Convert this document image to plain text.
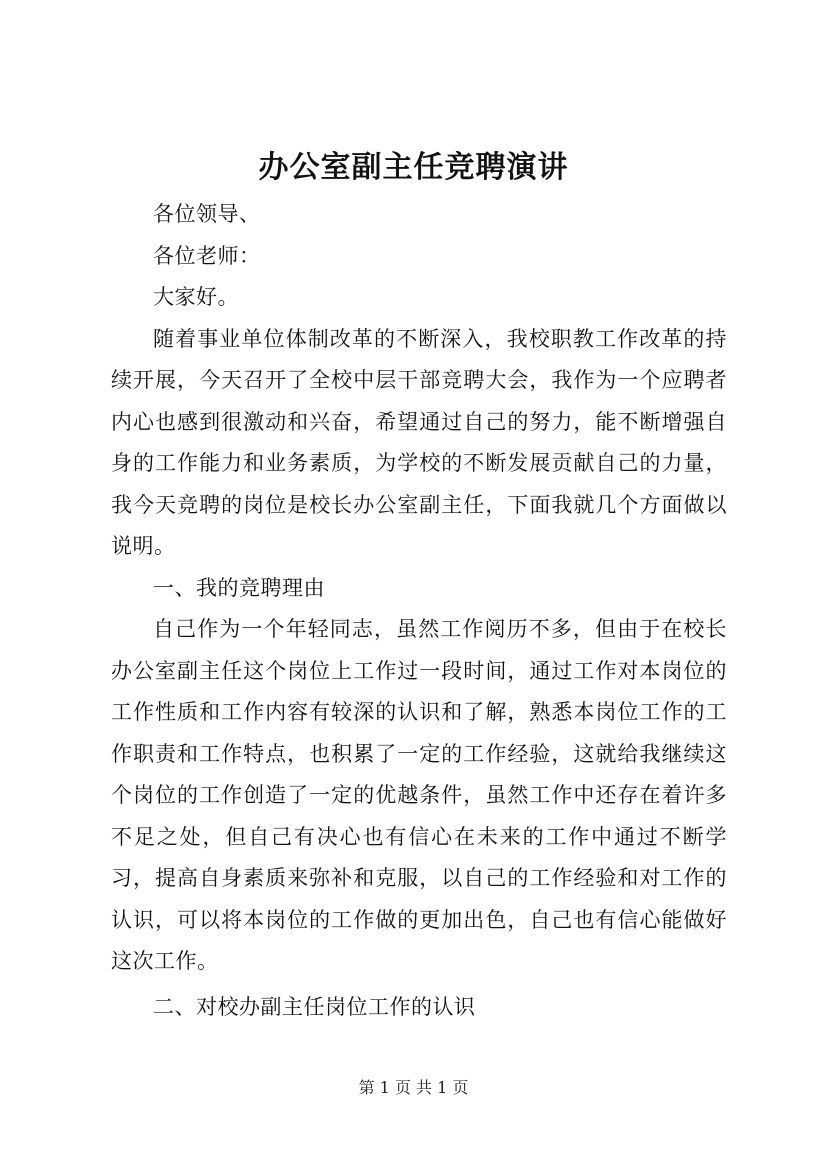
办公室副主任竞聘演讲

各位领导、

各位老师：

大家好。

随着事业单位体制改革的不断深入，我校职教工作改革的持续开展，今天召开了全校中层干部竞聘大会，我作为一个应聘者内心也感到很激动和兴奋，希望通过自己的努力，能不断增强自身的工作能力和业务素质，为学校的不断发展贡献自己的力量，我今天竞聘的岗位是校长办公室副主任，下面我就几个方面做以说明。

一、我的竞聘理由

自己作为一个年轻同志，虽然工作阅历不多，但由于在校长办公室副主任这个岗位上工作过一段时间，通过工作对本岗位的工作性质和工作内容有较深的认识和了解，熟悉本岗位工作的工作职责和工作特点，也积累了一定的工作经验，这就给我继续这个岗位的工作创造了一定的优越条件，虽然工作中还存在着许多不足之处，但自己有决心也有信心在未来的工作中通过不断学习，提高自身素质来弥补和克服，以自己的工作经验和对工作的认识，可以将本岗位的工作做的更加出色，自己也有信心能做好这次工作。

二、对校办副主任岗位工作的认识

第 1 页 共 1 页
